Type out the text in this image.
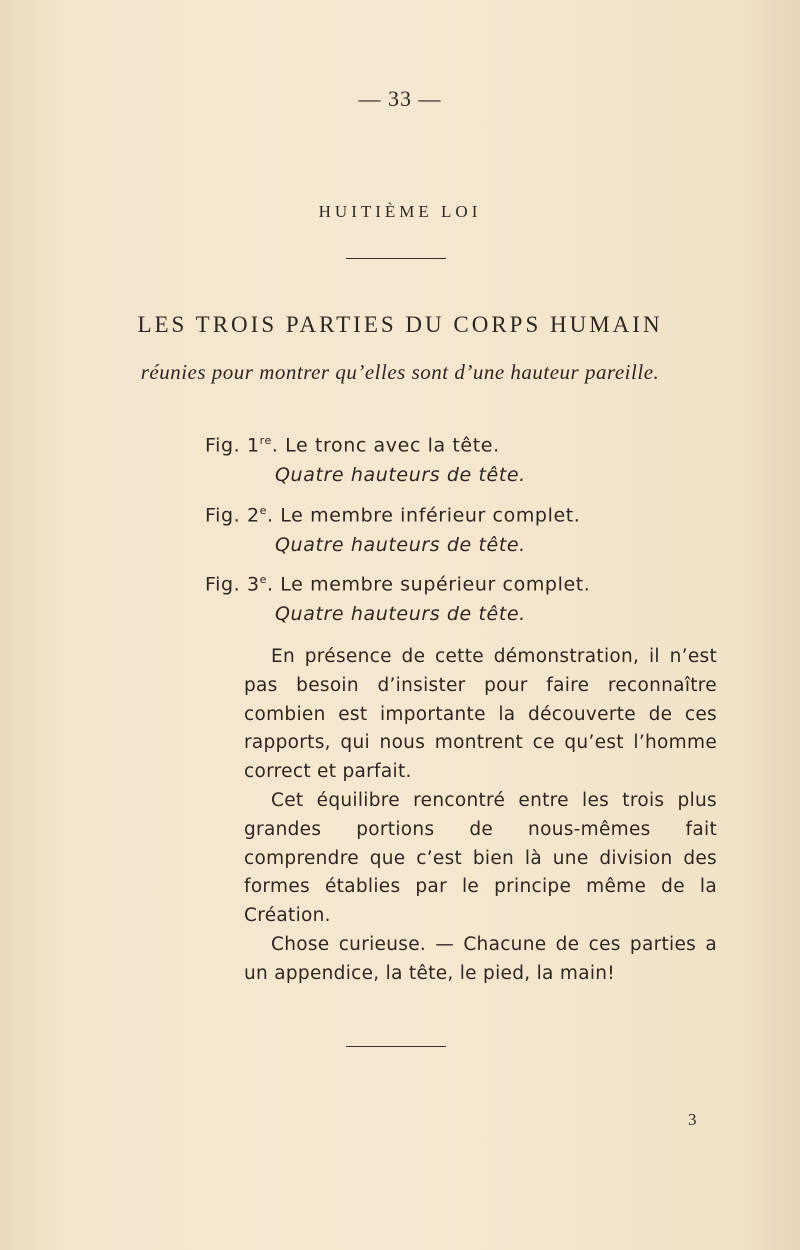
— 33 —
HUITIÈME LOI
LES TROIS PARTIES DU CORPS HUMAIN
réunies pour montrer qu’elles sont d’une hauteur pareille.
Fig. 1re. Le tronc avec la tête.
Quatre hauteurs de tête.
Fig. 2e. Le membre inférieur complet.
Quatre hauteurs de tête.
Fig. 3e. Le membre supérieur complet.
Quatre hauteurs de tête.

En présence de cette démonstration, il n’est pas besoin d’insister pour faire reconnaître combien est importante la découverte de ces rapports, qui nous montrent ce qu’est l’homme correct et parfait.

Cet équilibre rencontré entre les trois plus grandes portions de nous-mêmes fait comprendre que c’est bien là une division des formes établies par le principe même de la Création.

Chose curieuse. — Chacune de ces parties a un appendice, la tête, le pied, la main!

3
